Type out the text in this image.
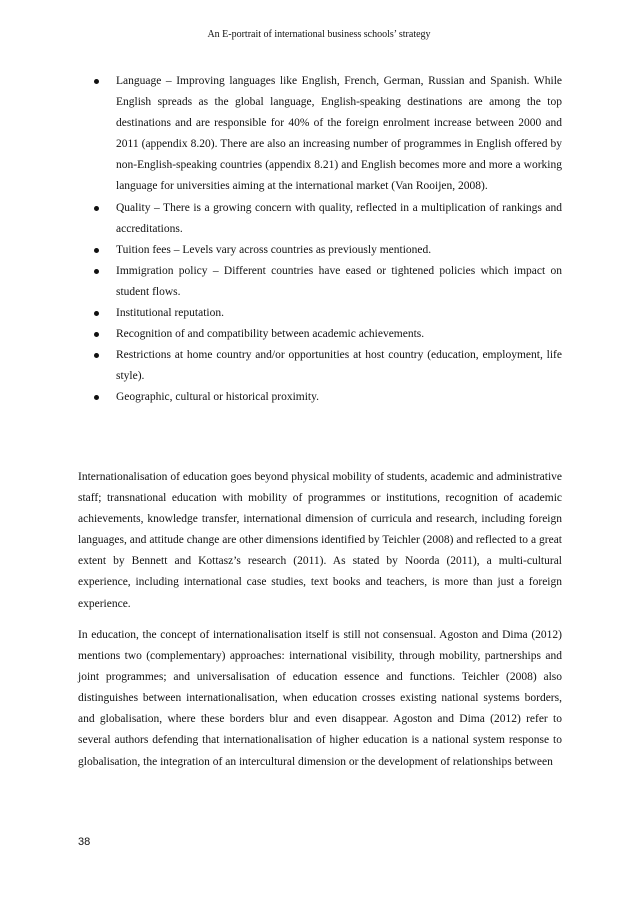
An E-portrait of international business schools’ strategy
Language – Improving languages like English, French, German, Russian and Spanish. While English spreads as the global language, English-speaking destinations are among the top destinations and are responsible for 40% of the foreign enrolment increase between 2000 and 2011 (appendix 8.20). There are also an increasing number of programmes in English offered by non-English-speaking countries (appendix 8.21) and English becomes more and more a working language for universities aiming at the international market (Van Rooijen, 2008).
Quality – There is a growing concern with quality, reflected in a multiplication of rankings and accreditations.
Tuition fees – Levels vary across countries as previously mentioned.
Immigration policy – Different countries have eased or tightened policies which impact on student flows.
Institutional reputation.
Recognition of and compatibility between academic achievements.
Restrictions at home country and/or opportunities at host country (education, employment, life style).
Geographic, cultural or historical proximity.

Internationalisation of education goes beyond physical mobility of students, academic and administrative staff; transnational education with mobility of programmes or institutions, recognition of academic achievements, knowledge transfer, international dimension of curricula and research, including foreign languages, and attitude change are other dimensions identified by Teichler (2008) and reflected to a great extent by Bennett and Kottasz’s research (2011). As stated by Noorda (2011), a multi-cultural experience, including international case studies, text books and teachers, is more than just a foreign experience.

In education, the concept of internationalisation itself is still not consensual. Agoston and Dima (2012) mentions two (complementary) approaches: international visibility, through mobility, partnerships and joint programmes; and universalisation of education essence and functions. Teichler (2008) also distinguishes between internationalisation, when education crosses existing national systems borders, and globalisation, where these borders blur and even disappear. Agoston and Dima (2012) refer to several authors defending that internationalisation of higher education is a national system response to globalisation, the integration of an intercultural dimension or the development of relationships between

38
